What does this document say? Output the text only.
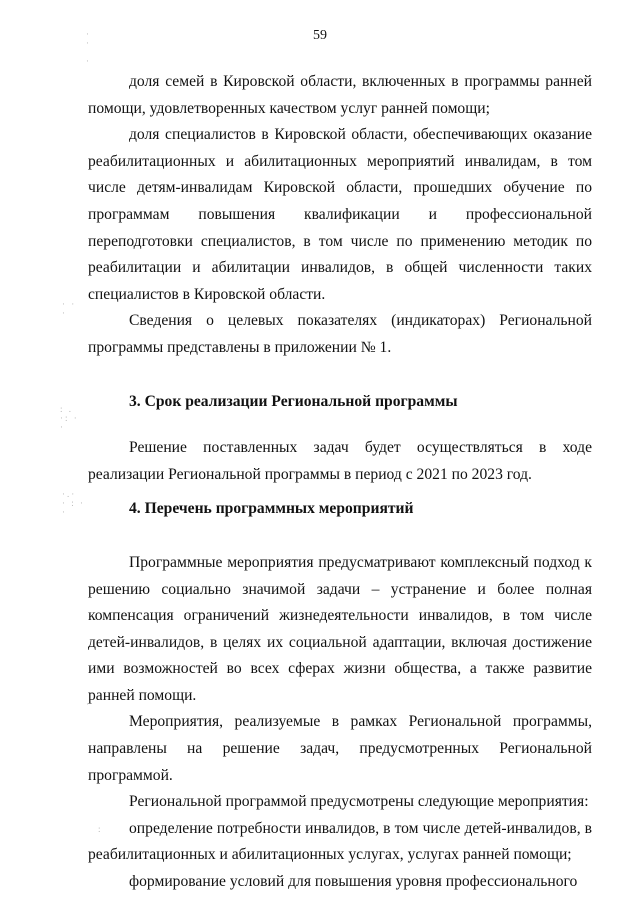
·
·

·
· ·
·
: .
·: ·
·
·.·
· : ·
·
·
:
59

доля семей в Кировской области, включенных в программы ранней помощи, удовлетворенных качеством услуг ранней помощи;

доля специалистов в Кировской области, обеспечивающих оказание реабилитационных и абилитационных мероприятий инвалидам, в том числе детям-инвалидам Кировской области, прошедших обучение по программам повышения квалификации и профессиональной переподготовки специалистов, в том числе по применению методик по реабилитации и абилитации инвалидов, в общей численности таких специалистов в Кировской области.

Сведения о целевых показателях (индикаторах) Региональной программы представлены в приложении № 1.

3. Срок реализации Региональной программы

Решение поставленных задач будет осуществляться в ходе реализации Региональной программы в период с 2021 по 2023 год.

4. Перечень программных мероприятий

Программные мероприятия предусматривают комплексный подход к решению социально значимой задачи – устранение и более полная компенсация ограничений жизнедеятельности инвалидов, в том числе детей-инвалидов, в целях их социальной адаптации, включая достижение ими возможностей во всех сферах жизни общества, а также развитие ранней помощи.

Мероприятия, реализуемые в рамках Региональной программы, направлены на решение задач, предусмотренных Региональной программой.

Региональной программой предусмотрены следующие мероприятия:

определение потребности инвалидов, в том числе детей-инвалидов, в реабилитационных и абилитационных услугах, услугах ранней помощи;

формирование условий для повышения уровня профессионального
